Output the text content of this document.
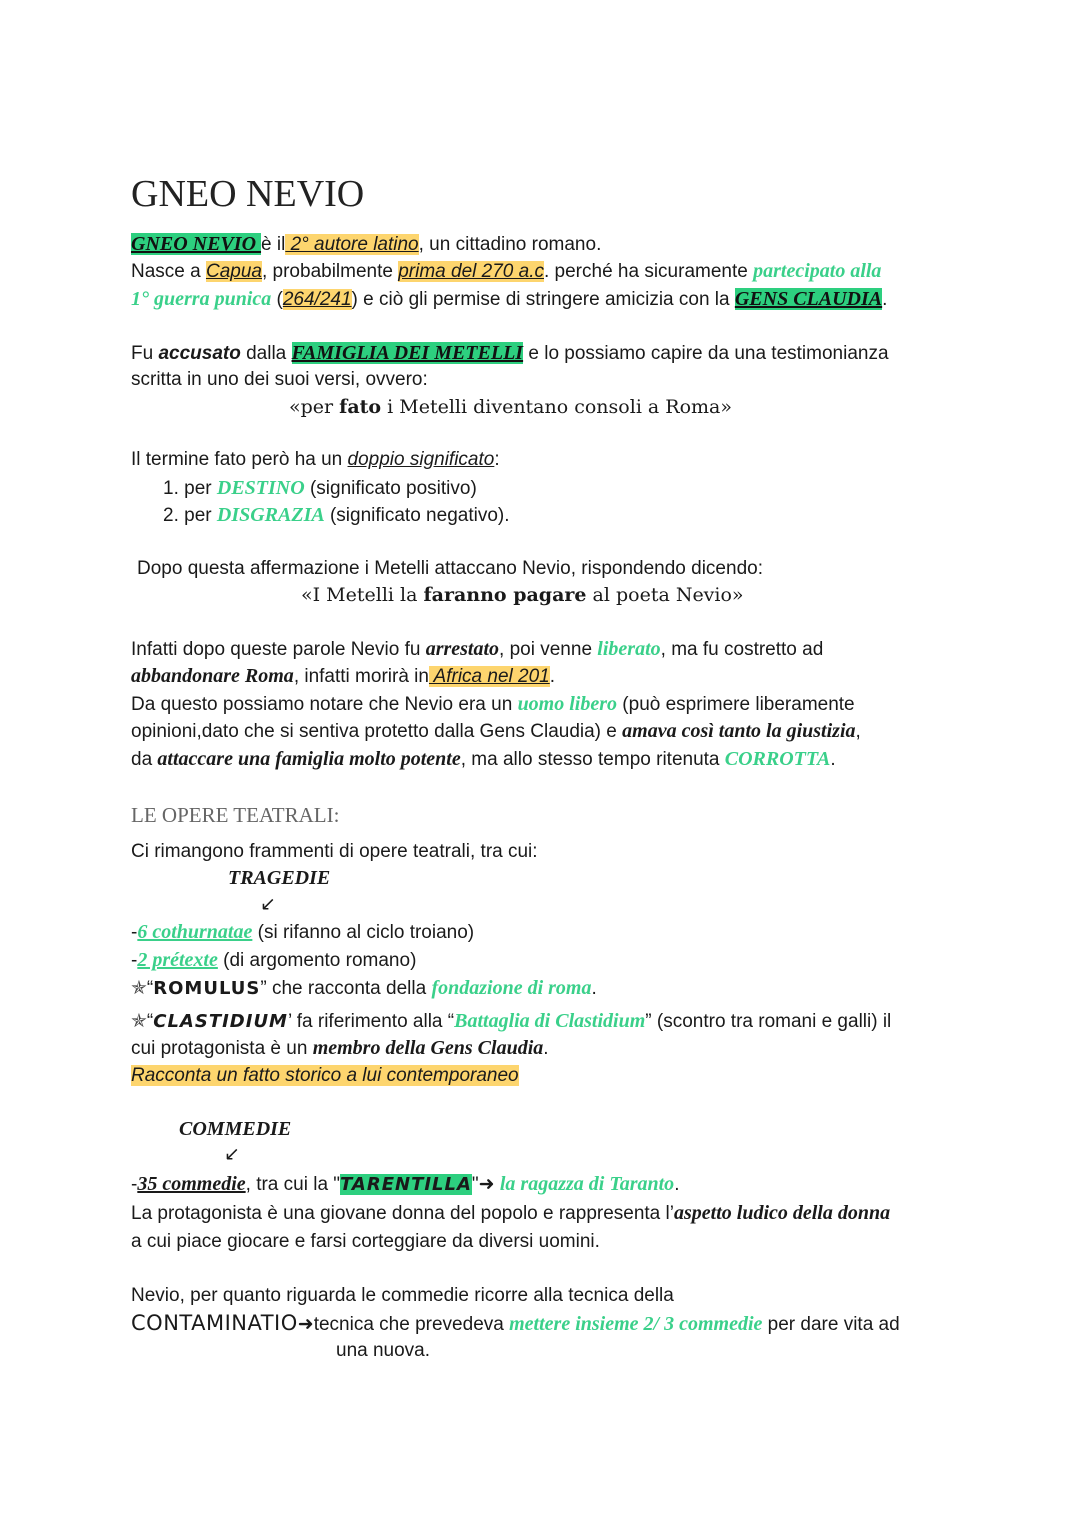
GNEO NEVIO
GNEO NEVIO è il 2° autore latino, un cittadino romano.
Nasce a Capua, probabilmente prima del 270 a.c. perché ha sicuramente partecipato alla
1° guerra punica (264/241) e ciò gli permise di stringere amicizia con la GENS CLAUDIA.
Fu accusato dalla FAMIGLIA DEI METELLI e lo possiamo capire da una testimonianza
scritta in uno dei suoi versi, ovvero:
«per fato i Metelli diventano consoli a Roma»
Il termine fato però ha un doppio significato:
1. per DESTINO (significato positivo)
2. per DISGRAZIA (significato negativo).
Dopo questa affermazione i Metelli attaccano Nevio, rispondendo dicendo:
«I Metelli la faranno pagare al poeta Nevio»
Infatti dopo queste parole Nevio fu arrestato, poi venne liberato, ma fu costretto ad
abbandonare Roma, infatti morirà in Africa nel 201.
Da questo possiamo notare che Nevio era un uomo libero (può esprimere liberamente
opinioni,dato che si sentiva protetto dalla Gens Claudia) e amava così tanto la giustizia,
da attaccare una famiglia molto potente, ma allo stesso tempo ritenuta CORROTTA.
LE OPERE TEATRALI:
Ci rimangono frammenti di opere teatrali, tra cui:
TRAGEDIE
↙
-6 cothurnatae (si rifanno al ciclo troiano)
-2 prétexte (di argomento romano)
✯“ROMULUS” che racconta della fondazione di roma.
✯“CLASTIDIUM’ fa riferimento alla “Battaglia di Clastidium” (scontro tra romani e galli) il
cui protagonista è un membro della Gens Claudia.
Racconta un fatto storico a lui contemporaneo
COMMEDIE
↙
-35 commedie, tra cui la "TARENTILLA"➜ la ragazza di Taranto.
La protagonista è una giovane donna del popolo e rappresenta l’aspetto ludico della donna
a cui piace giocare e farsi corteggiare da diversi uomini.
Nevio, per quanto riguarda le commedie ricorre alla tecnica della
CONTAMINATIO➜tecnica che prevedeva mettere insieme 2/ 3 commedie per dare vita ad
una nuova.
